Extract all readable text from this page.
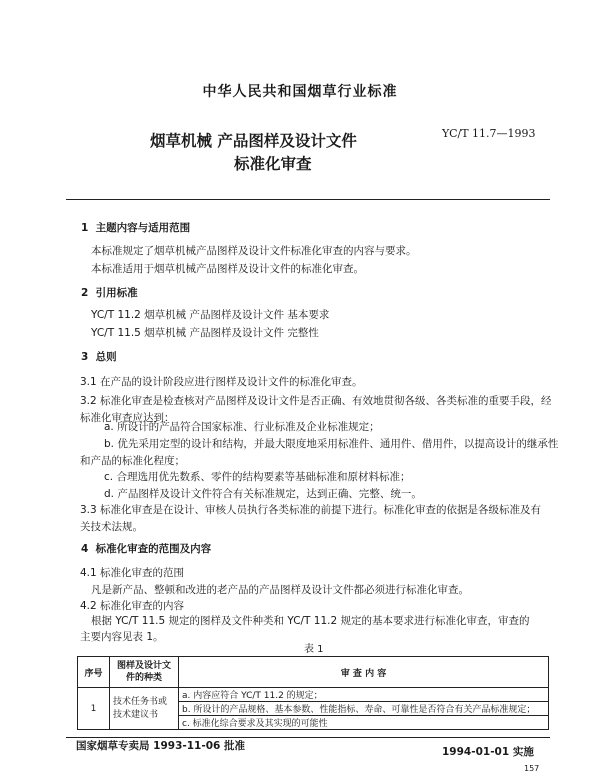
中华人民共和国烟草行业标准
烟草机械 产品图样及设计文件
标准化审查
YC/T 11.7—1993
1 主题内容与适用范围
本标准规定了烟草机械产品图样及设计文件标准化审查的内容与要求。
本标准适用于烟草机械产品图样及设计文件的标准化审查。
2 引用标准
YC/T 11.2 烟草机械 产品图样及设计文件 基本要求
YC/T 11.5 烟草机械 产品图样及设计文件 完整性
3 总则
3.1 在产品的设计阶段应进行图样及设计文件的标准化审查。
3.2 标准化审查是检查核对产品图样及设计文件是否正确、有效地贯彻各级、各类标准的重要手段，经
标准化审查应达到：
a. 所设计的产品符合国家标准、行业标准及企业标准规定；
b. 优先采用定型的设计和结构，并最大限度地采用标准件、通用件、借用件，以提高设计的继承性
和产品的标准化程度；
c. 合理选用优先数系、零件的结构要素等基础标准和原材料标准；
d. 产品图样及设计文件符合有关标准规定，达到正确、完整、统一。
3.3 标准化审查是在设计、审核人员执行各类标准的前提下进行。标准化审查的依据是各级标准及有
关技术法规。
4 标准化审查的范围及内容
4.1 标准化审查的范围
凡是新产品、整顿和改进的老产品的产品图样及设计文件都必须进行标准化审查。
4.2 标准化审查的内容
根据 YC/T 11.5 规定的图样及文件种类和 YC/T 11.2 规定的基本要求进行标准化审查，审查的
主要内容见表 1。
表 1
序号	图样及设计文件的种类	审 查 内 容
1	技术任务书或技术建议书	a. 内容应符合 YC/T 11.2 的规定；
		b. 所设计的产品规格、基本参数、性能指标、寿命、可靠性是否符合有关产品标准规定；
		c. 标准化综合要求及其实现的可能性
国家烟草专卖局 1993-11-06 批准	1994-01-01 实施
157
